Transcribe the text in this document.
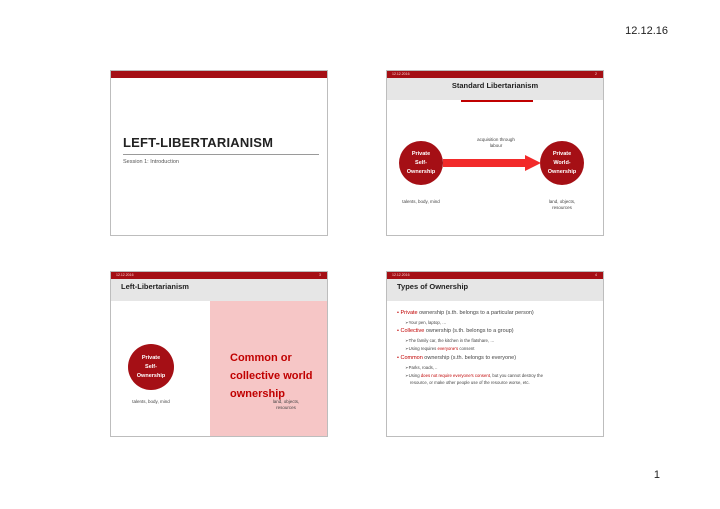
12.12.16
LEFT-LIBERTARIANISM
Session 1: Introduction
12.12.2016	2
Standard Libertarianism
Private
Self-
Ownership
Private
World-
Ownership
acquisition through
labour
talents, body, mind	land, objects,
resources
12.12.2016	3
Left-Libertarianism
Private
Self-
Ownership
Common or
collective world
ownership
talents, body, mind	land, objects,
resources
12.12.2016	4
Types of Ownership
• Private ownership (s.th. belongs to a particular person)
➢Your pen, laptop, …
• Collective ownership (s.th. belongs to a group)
➢The family car, the kitchen in the flatshare, …
➢Using requires everyone's consent
• Common ownership (s.th. belongs to everyone)
➢Parks, roads, ..
➢Using does not require everyone's consent, but you cannot destroy the
resource, or make other people use of the resource worse, etc.
1
